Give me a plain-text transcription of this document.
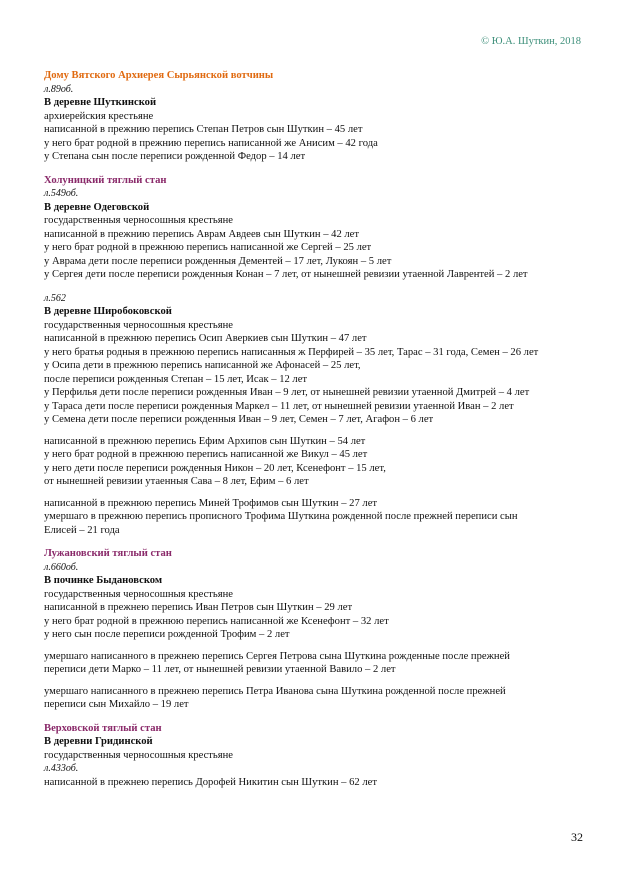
© Ю.А. Шуткин, 2018
Дому Вятского Архиерея Сырьянской вотчины
л.89об.
В деревне Шуткинской
архиерейския крестьяне
написанной в прежнию перепись Степан Петров сын Шуткин – 45 лет
у него брат родной в прежнию перепись написанной же Анисим – 42 года
у Степана сын после переписи рожденной Федор – 14 лет
Холуницкий тяглый стан
л.549об.
В деревне Одеговской
государственныя черносошныя крестьяне
написанной в прежнию перепись Аврам Авдеев сын Шуткин – 42 лет
у него брат родной в прежнюю перепись написанной же Сергей – 25 лет
у Аврама дети после переписи рожденныя Дементей – 17 лет, Лукоян – 5 лет
у Сергея дети после переписи рожденныя Конан – 7 лет, от нынешней ревизии утаенной Лаврентей – 2 лет
л.562
В деревне Широбоковской
государственныя черносошныя крестьяне
написанной в прежнюю перепись Осип Аверкиев сын Шуткин – 47 лет
у него братья родныя в прежнюю перепись написанныя ж Перфирей – 35 лет, Тарас – 31 года, Семен – 26 лет
у Осипа дети в прежнюю перепись написанной же Афонасей – 25 лет,
после переписи рожденныя Степан – 15 лет, Исак – 12 лет
у Перфилья дети после переписи рожденныя Иван – 9 лет, от нынешней ревизии утаенной Дмитрей – 4 лет
у Тараса дети после переписи рожденныя Маркел – 11 лет, от нынешней ревизии утаенной Иван – 2 лет
у Семена дети после переписи рожденныя Иван – 9 лет, Семен – 7 лет, Агафон – 6 лет
написанной в прежнюю перепись Ефим Архипов сын Шуткин – 54 лет
у него брат родной в прежнюю перепись написанной же Викул – 45 лет
у него дети после переписи рожденныя Никон – 20 лет, Ксенефонт – 15 лет,
от нынешней ревизии утаенныя Сава – 8 лет, Ефим – 6 лет
написанной в прежнюю перепись Миней Трофимов сын Шуткин – 27 лет
умершаго в прежнюю перепись прописного Трофима Шуткина рожденной после прежней переписи сын
Елисей – 21 года
Лужановский тяглый стан
л.660об.
В починке Быдановском
государственныя черносошныя крестьяне
написанной в прежнею перепись Иван Петров сын Шуткин – 29 лет
у него брат родной в прежнюю перепись написанной же Ксенефонт – 32 лет
у него сын после переписи рожденной Трофим – 2 лет
умершаго написанного в прежнею перепись Сергея Петрова сына Шуткина рожденные после прежней
переписи дети Марко – 11 лет, от нынешней ревизии утаенной Вавило – 2 лет
умершаго написанного в прежнею перепись Петра Иванова сына Шуткина рожденной после прежней
переписи сын Михайло – 19 лет
Верховской тяглый стан
В деревни Гридинской
государственныя черносошныя крестьяне
л.433об.
написанной в прежнею перепись Дорофей Никитин сын Шуткин – 62 лет
32
